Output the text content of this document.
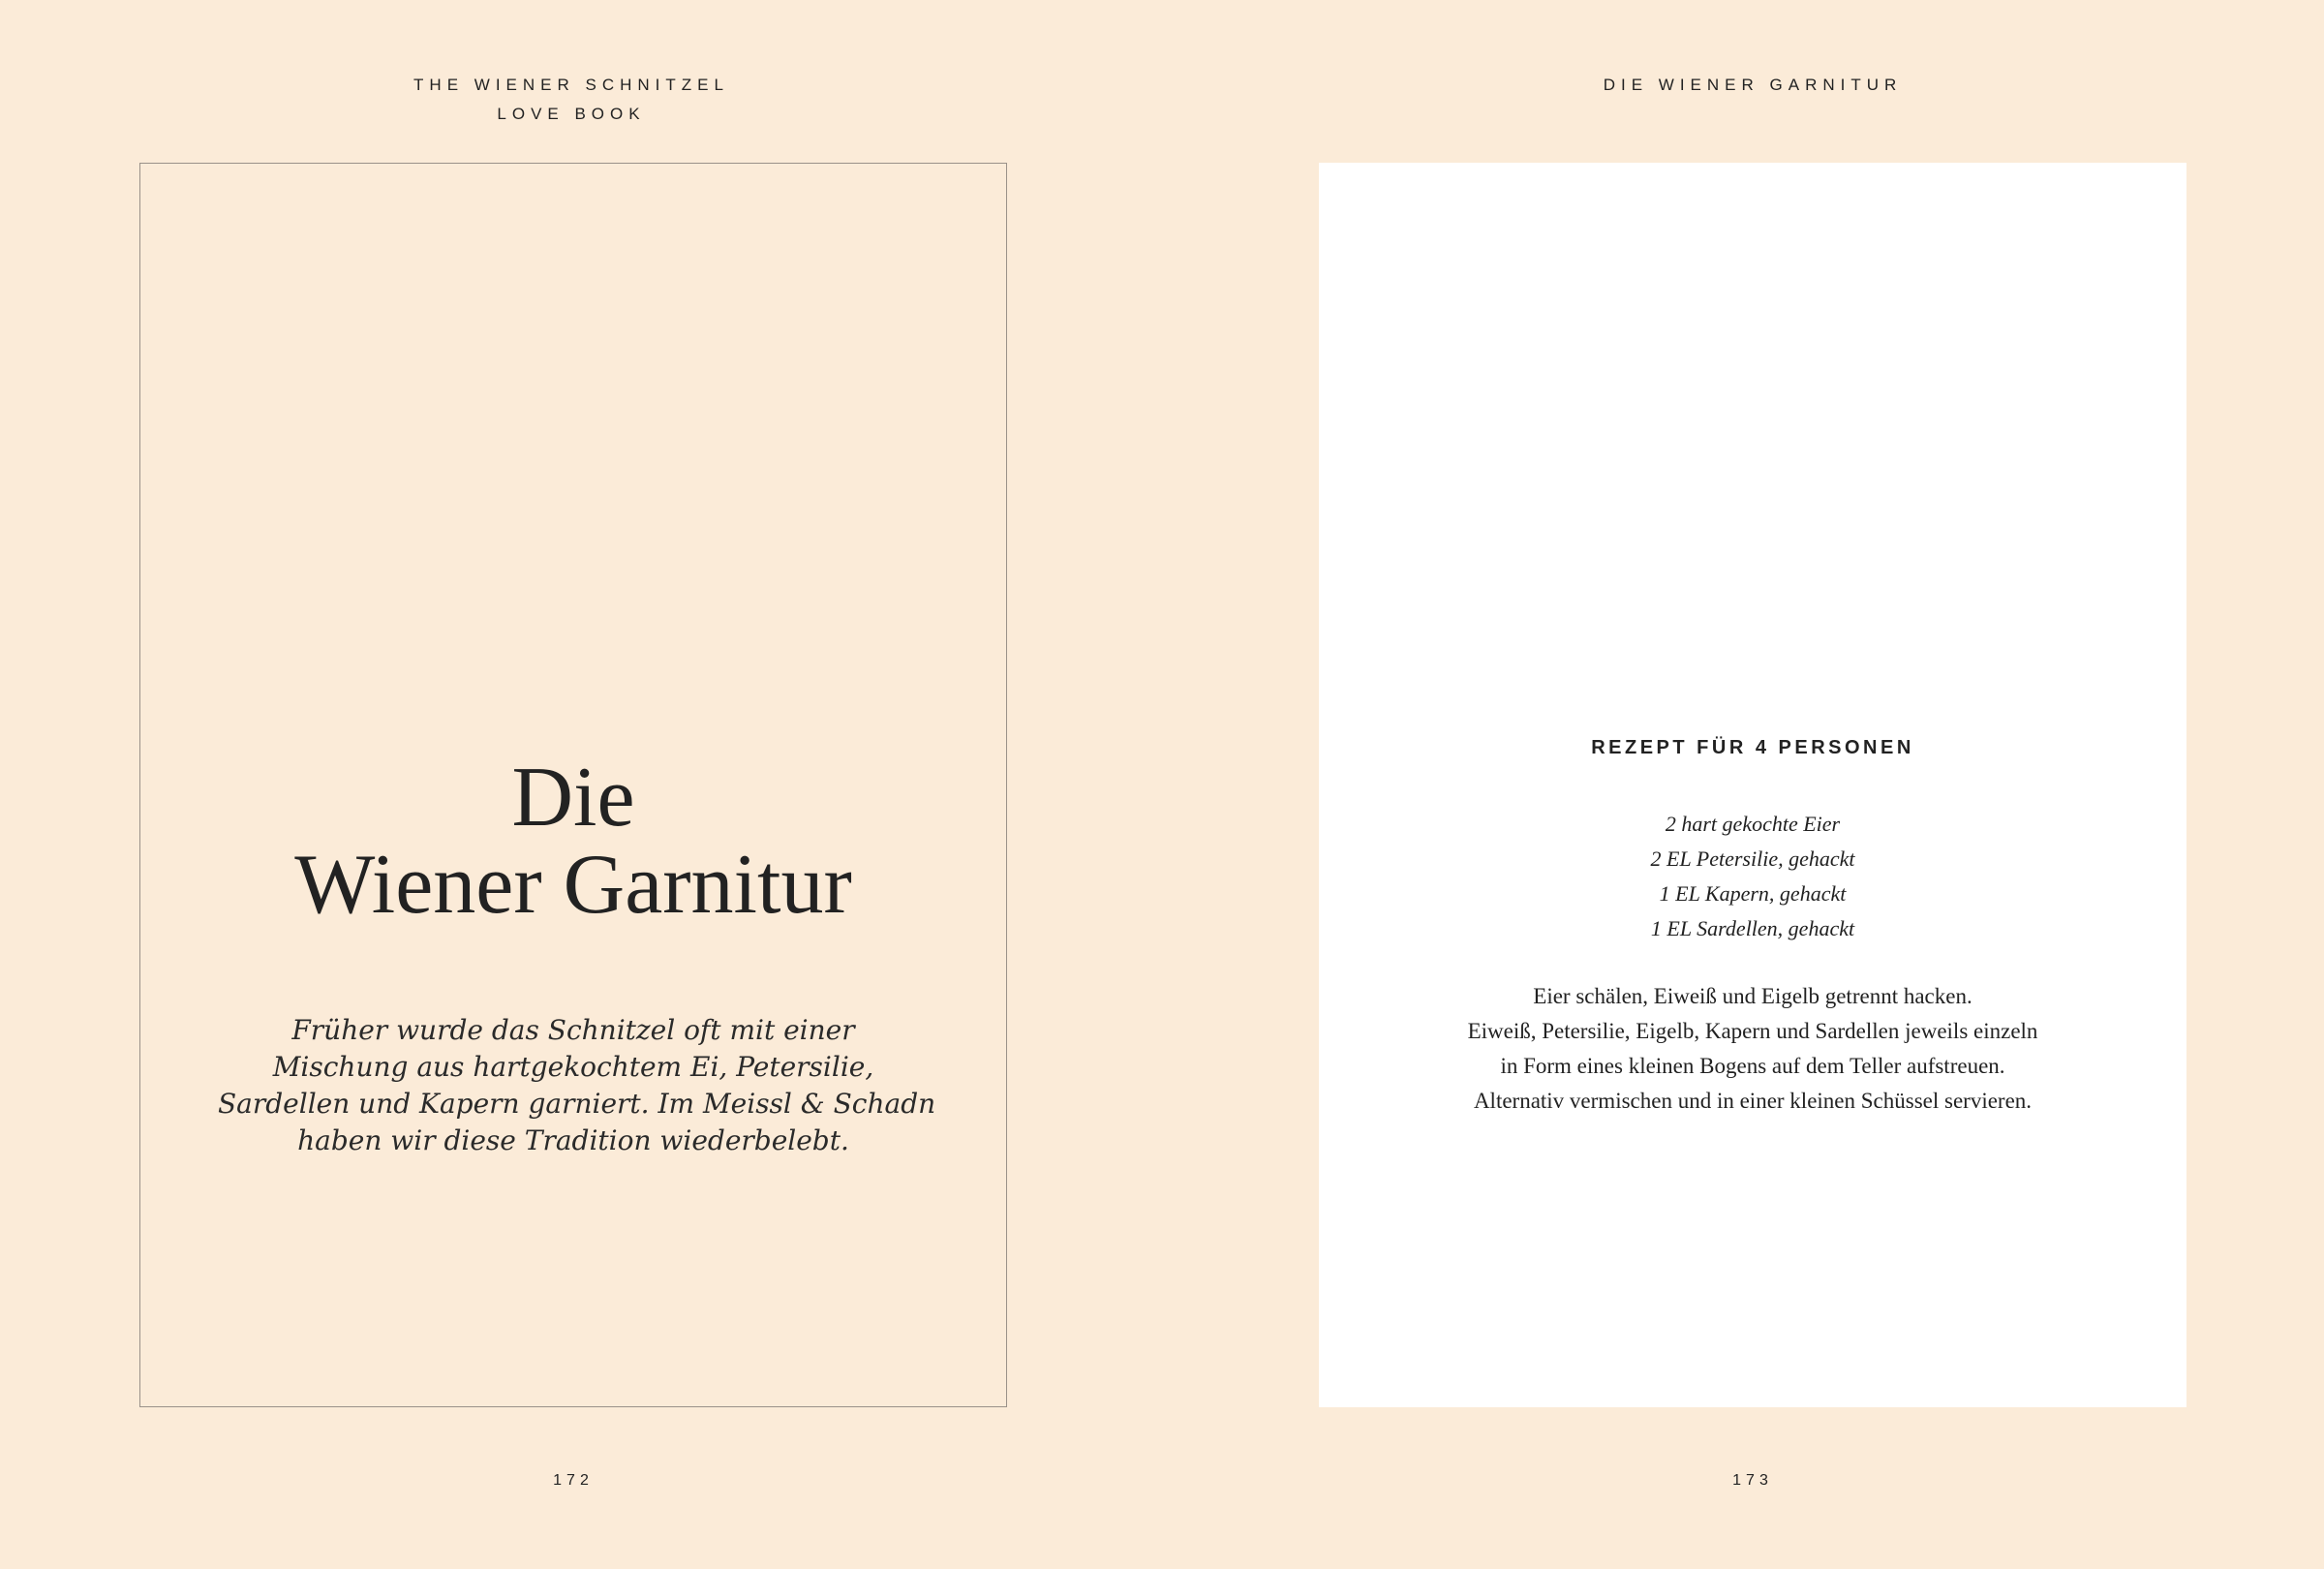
THE WIENER SCHNITZEL
LOVE BOOK
Die
Wiener Garnitur
Früher wurde das Schnitzel oft mit einer
Mischung aus hartgekochtem Ei, Petersilie,
Sardellen und Kapern garniert. Im Meissl & Schadn
haben wir diese Tradition wiederbelebt.
172
DIE WIENER GARNITUR
REZEPT FÜR 4 PERSONEN
2 hart gekochte Eier
2 EL Petersilie, gehackt
1 EL Kapern, gehackt
1 EL Sardellen, gehackt
Eier schälen, Eiweiß und Eigelb getrennt hacken.
Eiweiß, Petersilie, Eigelb, Kapern und Sardellen jeweils einzeln
in Form eines kleinen Bogens auf dem Teller aufstreuen.
Alternativ vermischen und in einer kleinen Schüssel servieren.
173
